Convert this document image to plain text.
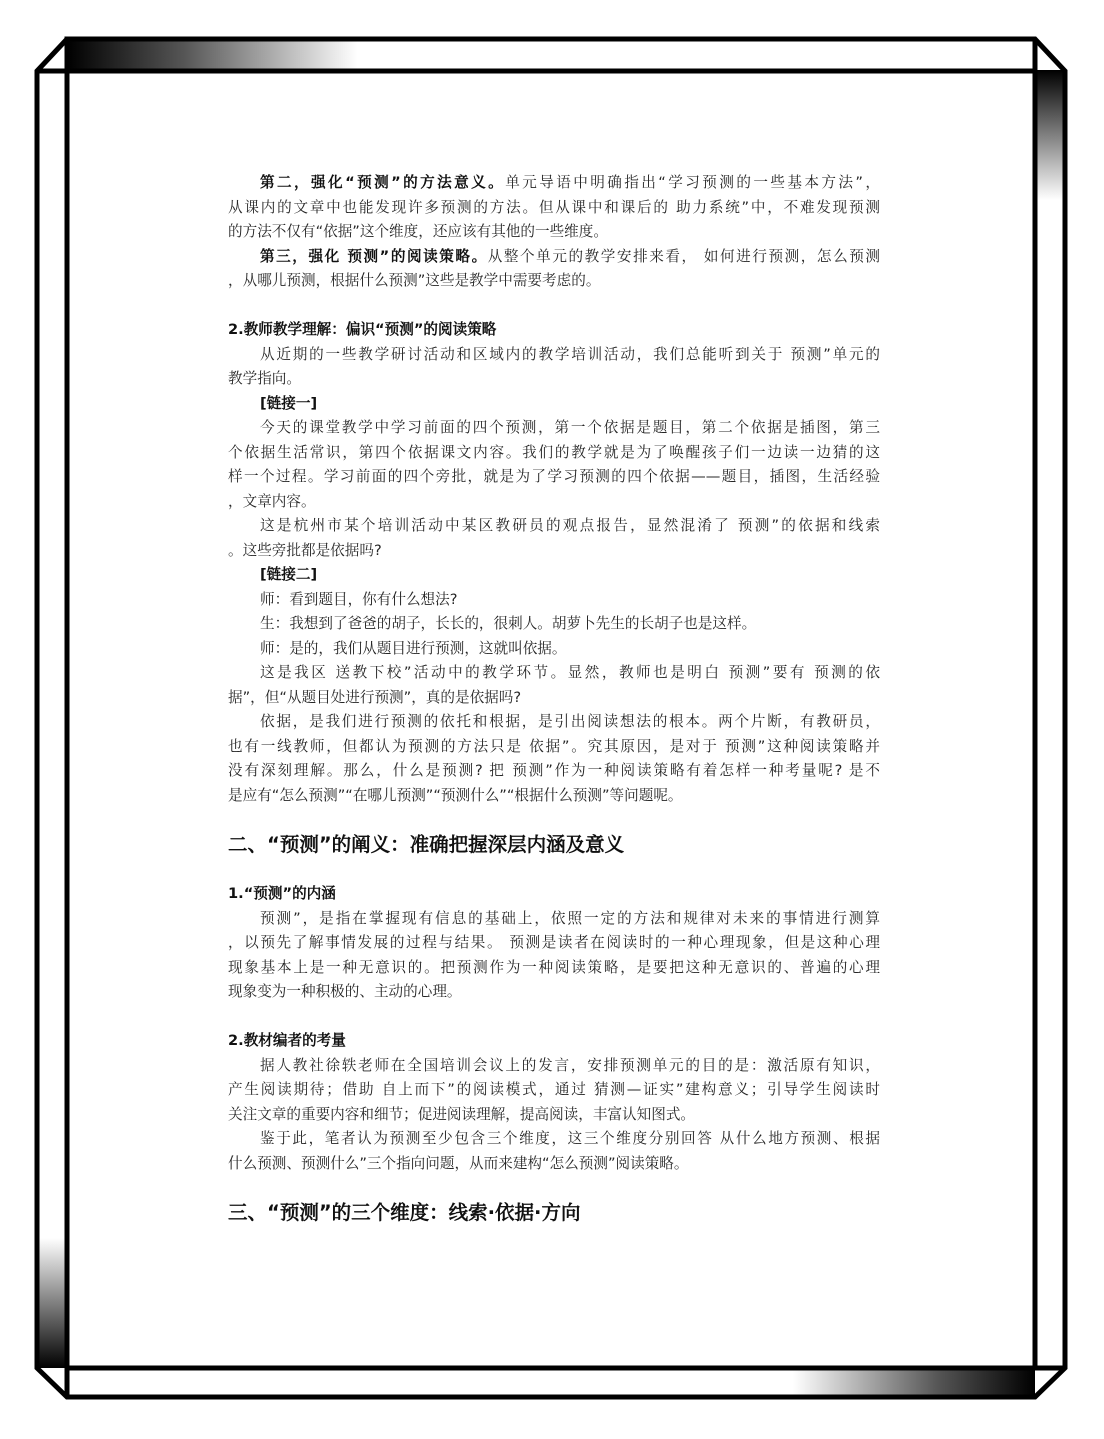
第二，强化“预测”的方法意义。单元导语中明确指出“学习预测的一些基本方法”，
从课内的文章中也能发现许多预测的方法。但从课中和课后的 助力系统”中，不难发现预测
的方法不仅有“依据”这个维度，还应该有其他的一些维度。
第三，强化 预测”的阅读策略。从整个单元的教学安排来看， 如何进行预测，怎么预测
，从哪儿预测，根据什么预测”这些是教学中需要考虑的。
2.教师教学理解：偏识“预测”的阅读策略
从近期的一些教学研讨活动和区域内的教学培训活动，我们总能听到关于 预测”单元的
教学指向。
[链接一]
今天的课堂教学中学习前面的四个预测，第一个依据是题目，第二个依据是插图，第三
个依据生活常识，第四个依据课文内容。我们的教学就是为了唤醒孩子们一边读一边猜的这
样一个过程。学习前面的四个旁批，就是为了学习预测的四个依据——题目，插图，生活经验
，文章内容。
这是杭州市某个培训活动中某区教研员的观点报告，显然混淆了 预测”的依据和线索
。这些旁批都是依据吗?
[链接二]
师：看到题目，你有什么想法?
生：我想到了爸爸的胡子，长长的，很刺人。胡萝卜先生的长胡子也是这样。
师：是的，我们从题目进行预测，这就叫依据。
这是我区 送教下校”活动中的教学环节。显然，教师也是明白 预测”要有 预测的依
据”，但“从题目处进行预测”，真的是依据吗?
依据，是我们进行预测的依托和根据，是引出阅读想法的根本。两个片断，有教研员，
也有一线教师，但都认为预测的方法只是 依据”。究其原因，是对于 预测”这种阅读策略并
没有深刻理解。那么，什么是预测? 把 预测”作为一种阅读策略有着怎样一种考量呢? 是不
是应有“怎么预测”“在哪儿预测”“预测什么”“根据什么预测”等问题呢。
二、“预测”的阐义：准确把握深层内涵及意义
1.“预测”的内涵
预测”，是指在掌握现有信息的基础上，依照一定的方法和规律对未来的事情进行测算
，以预先了解事情发展的过程与结果。 预测是读者在阅读时的一种心理现象，但是这种心理
现象基本上是一种无意识的。把预测作为一种阅读策略，是要把这种无意识的、普遍的心理
现象变为一种积极的、主动的心理。
2.教材编者的考量
据人教社徐轶老师在全国培训会议上的发言，安排预测单元的目的是：激活原有知识，
产生阅读期待；借助 自上而下”的阅读模式，通过 猜测—证实”建构意义；引导学生阅读时
关注文章的重要内容和细节；促进阅读理解，提高阅读，丰富认知图式。
鉴于此，笔者认为预测至少包含三个维度，这三个维度分别回答 从什么地方预测、根据
什么预测、预测什么”三个指向问题，从而来建构“怎么预测”阅读策略。
三、“预测”的三个维度：线索·依据·方向
